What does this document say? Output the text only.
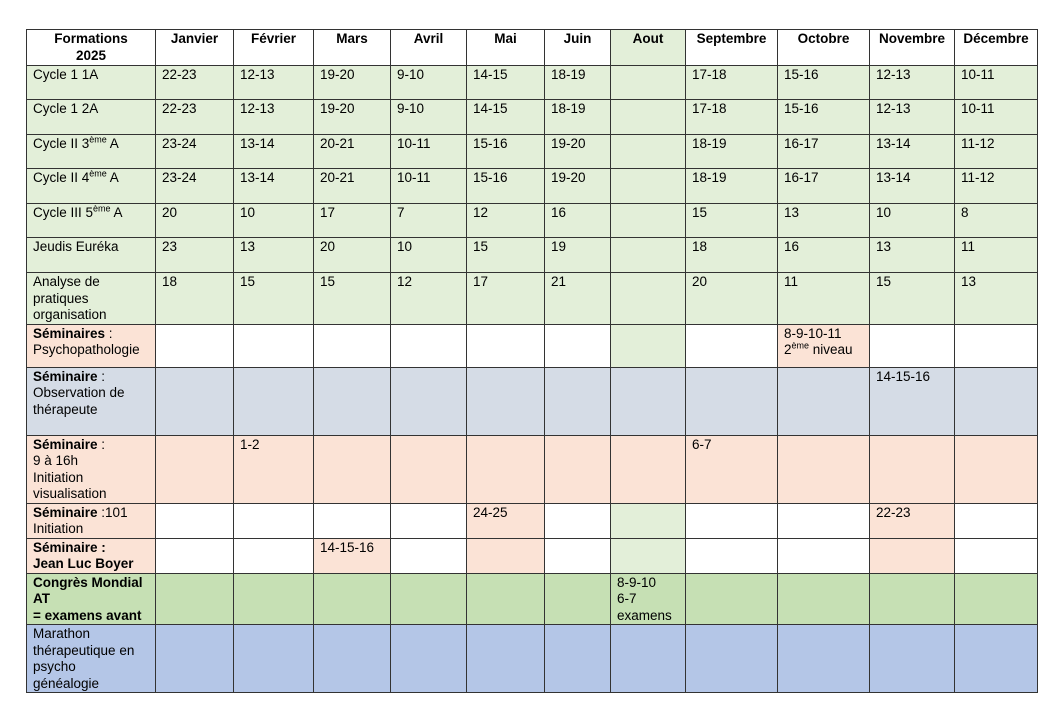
Formations
2025	Janvier	Février	Mars	Avril	Mai	Juin	Aout	Septembre	Octobre	Novembre	Décembre
Cycle 1 1A	22-23	12-13	19-20	9-10	14-15	18-19		17-18	15-16	12-13	10-11
Cycle 1 2A	22-23	12-13	19-20	9-10	14-15	18-19		17-18	15-16	12-13	10-11
Cycle II 3ème A	23-24	13-14	20-21	10-11	15-16	19-20		18-19	16-17	13-14	11-12
Cycle II 4ème A	23-24	13-14	20-21	10-11	15-16	19-20		18-19	16-17	13-14	11-12
Cycle III 5ème A	20	10	17	7	12	16		15	13	10	8
Jeudis Euréka	23	13	20	10	15	19		18	16	13	11

Analyse de
pratiques
organisation	18	15	15	12	17	21		20	11	15	13

Séminaires :
Psychopathologie									8-9-10-11
2ème niveau		

Séminaire :
Observation de
thérapeute										14-15-16	

Séminaire :
9 à 16h
Initiation
visualisation		1-2						6-7			

Séminaire :101
Initiation					24-25					22-23	

Séminaire :
Jean Luc Boyer			14-15-16								

Congrès Mondial
AT
= examens avant							8-9-10
6-7
examens				

Marathon
thérapeutique en
psycho
généalogie											
